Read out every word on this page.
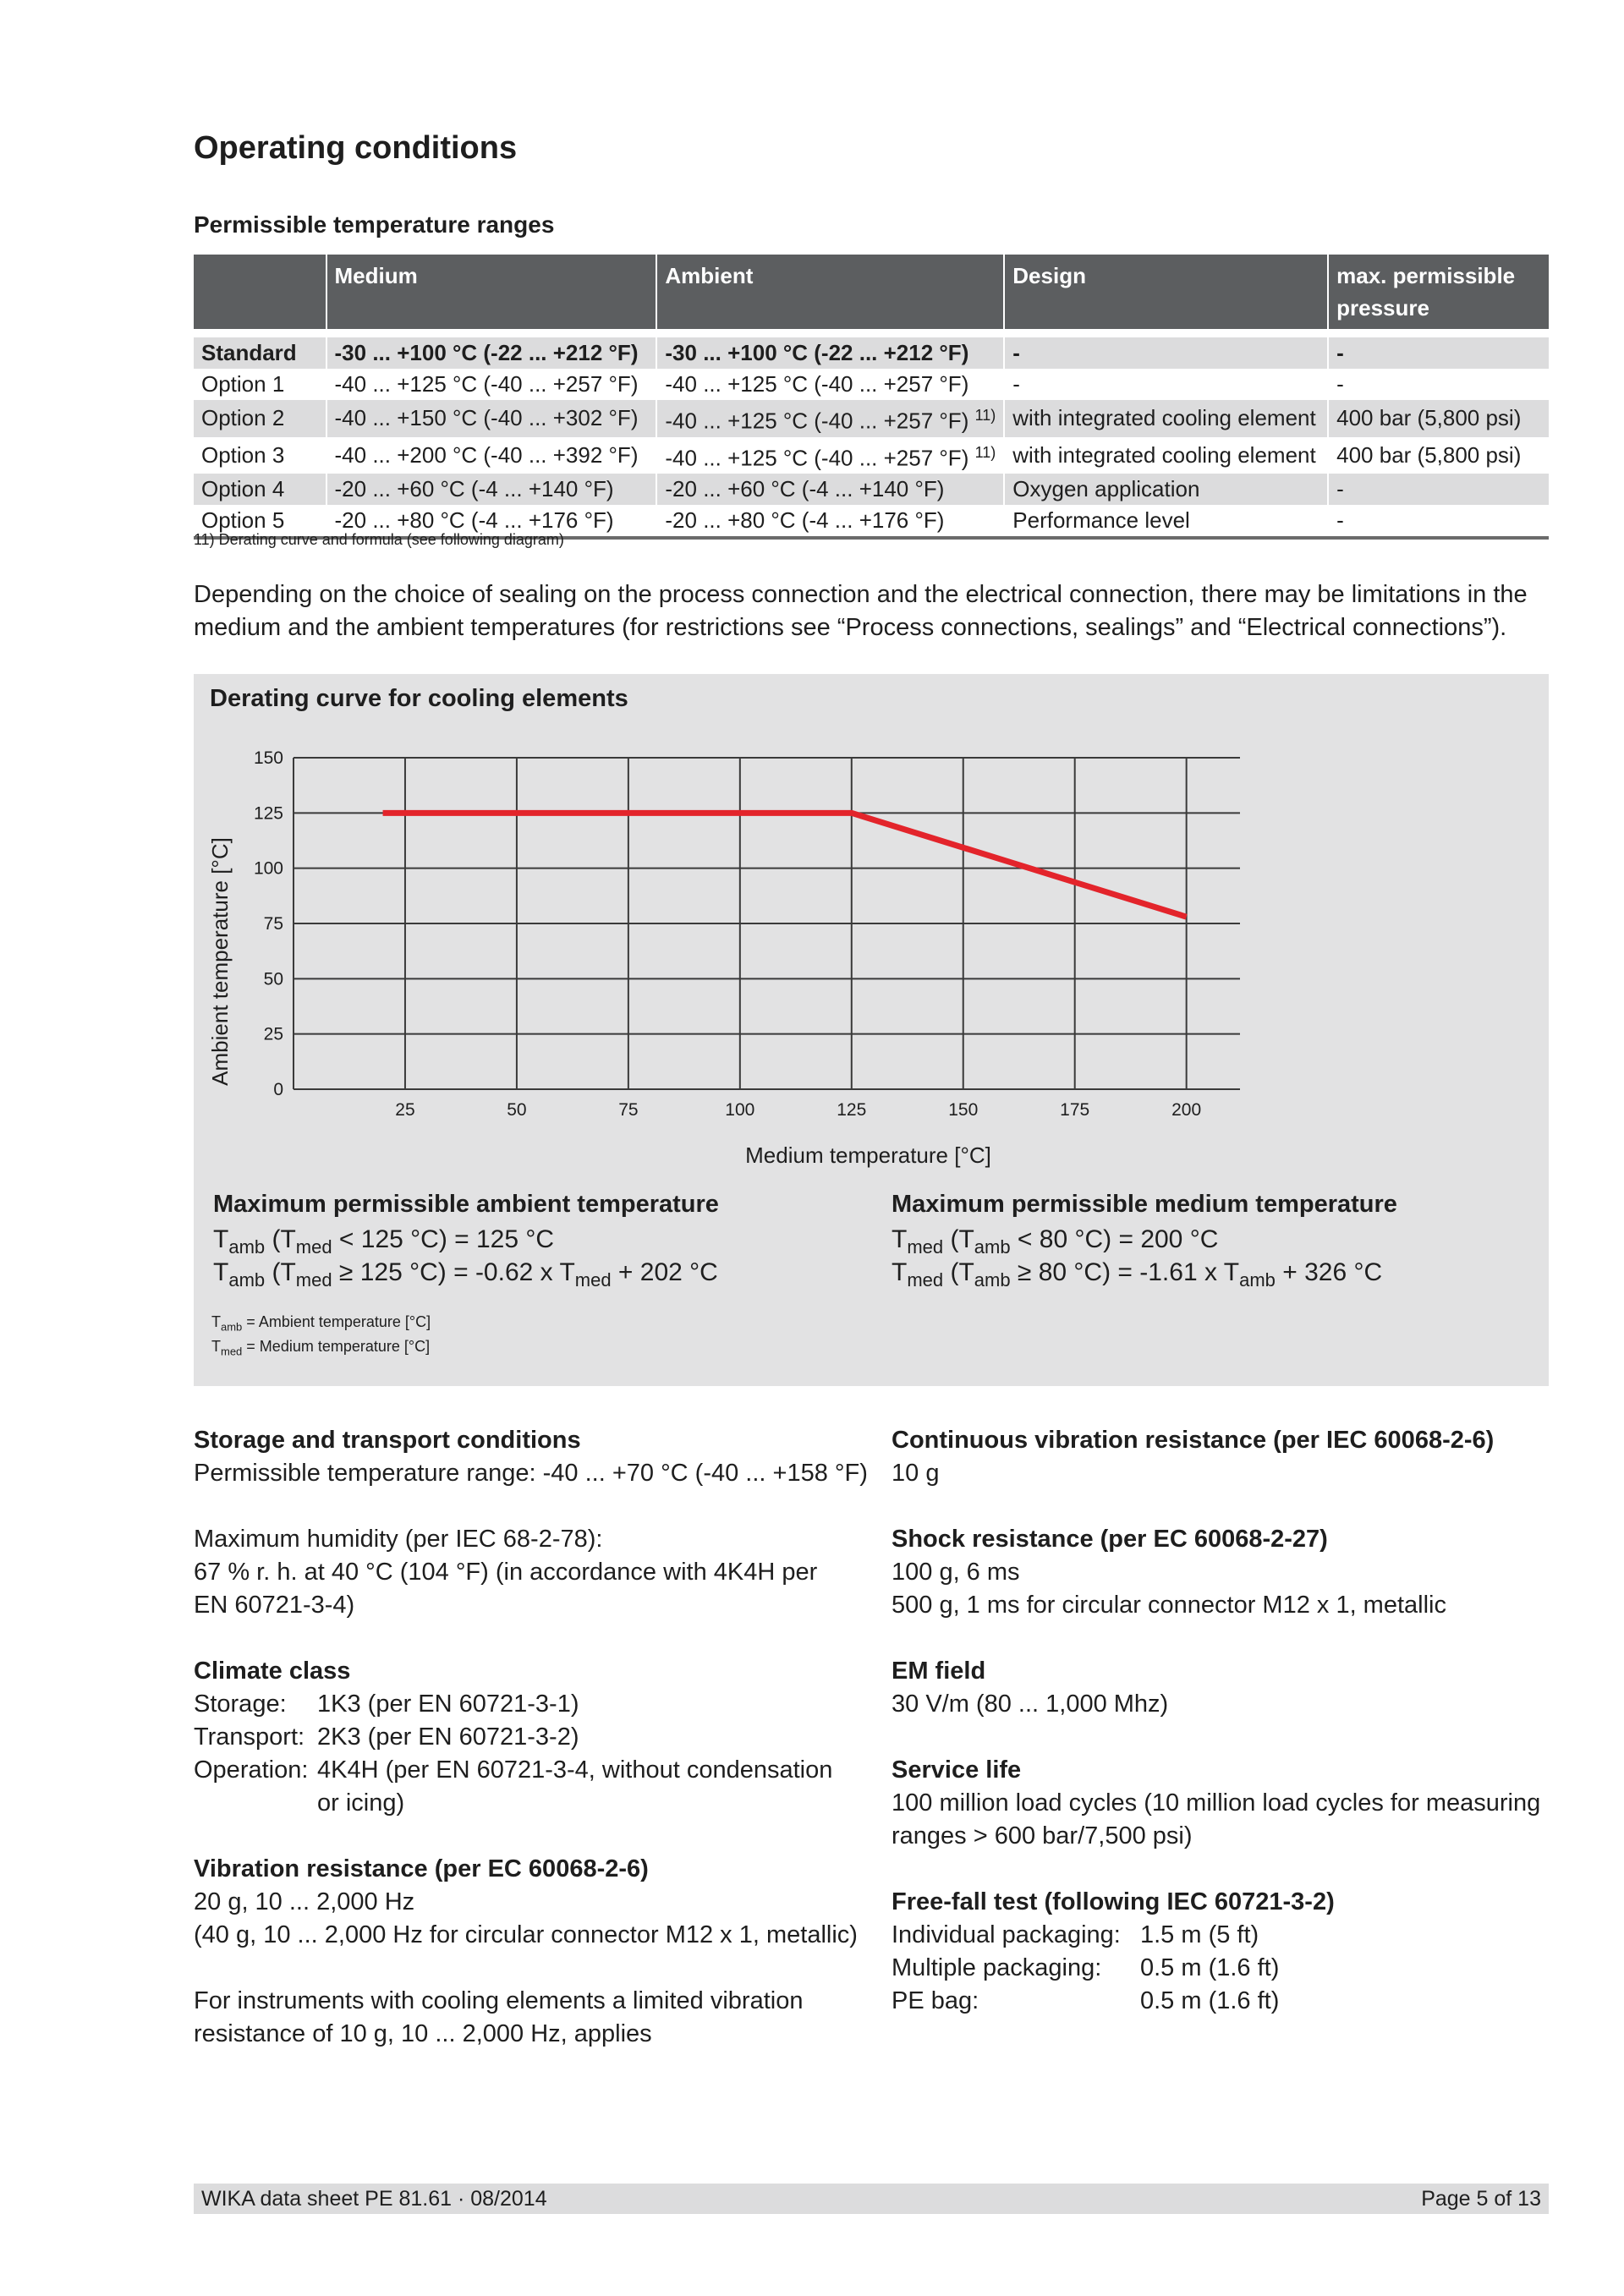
Operating conditions
Permissible temperature ranges
	Medium	Ambient	Design	max. permissible pressure

Standard	-30 ... +100 °C (-22 ... +212 °F)	-30 ... +100 °C (-22 ... +212 °F)	-	-
Option 1	-40 ... +125 °C (-40 ... +257 °F)	-40 ... +125 °C (-40 ... +257 °F)	-	-
Option 2	-40 ... +150 °C (-40 ... +302 °F)	-40 ... +125 °C (-40 ... +257 °F) $^{11)}$	with integrated cooling element	400 bar (5,800 psi)
Option 3	-40 ... +200 °C (-40 ... +392 °F)	-40 ... +125 °C (-40 ... +257 °F) $^{11)}$	with integrated cooling element	400 bar (5,800 psi)
Option 4	-20 ... +60 °C (-4 ... +140 °F)	-20 ... +60 °C (-4 ... +140 °F)	Oxygen application	-
Option 5	-20 ... +80 °C (-4 ... +176 °F)	-20 ... +80 °C (-4 ... +176 °F)	Performance level	-
11) Derating curve and formula (see following diagram)
Depending on the choice of sealing on the process connection and the electrical connection, there may be limitations in the medium and the ambient temperatures (for restrictions see “Process connections, sealings” and “Electrical connections”).
Derating curve for cooling elements
0
25
50
75
100
125
150
25	50	75	100	125	150	175	200
Medium temperature [°C]
Ambient temperature [°C]
Maximum permissible ambient temperature
$T_{amb}$ ($T_{med} < 125$ °C) = 125 °C
$T_{amb}$ ($T_{med} \ge 125$ °C) = -0.62 x $T_{med} + 202$ °C
Maximum permissible medium temperature
$T_{med}$ ($T_{amb} < 80$ °C) = 200 °C
$T_{med}$ ($T_{amb} \ge 80$ °C) = -1.61 x $T_{amb} + 326$ °C
$T_{amb}$ = Ambient temperature [°C]
$T_{med}$ = Medium temperature [°C]
Storage and transport conditions
Permissible temperature range: -40 ... +70 °C (-40 ... +158 °F)
Maximum humidity (per IEC 68-2-78):
67 % r. h. at 40 °C (104 °F) (in accordance with 4K4H per
EN 60721-3-4)
Climate class
Storage:	1K3 (per EN 60721-3-1)
Transport: 2K3 (per EN 60721-3-2)
Operation: 4K4H (per EN 60721-3-4, without condensation or icing)
Vibration resistance (per EC 60068-2-6)
20 g, 10 ... 2,000 Hz
(40 g, 10 ... 2,000 Hz for circular connector M12 x 1, metallic)
For instruments with cooling elements a limited vibration
resistance of 10 g, 10 ... 2,000 Hz, applies
Continuous vibration resistance (per IEC 60068-2-6)
10 g
Shock resistance (per EC 60068-2-27)
100 g, 6 ms
500 g, 1 ms for circular connector M12 x 1, metallic
EM field
30 V/m (80 ... 1,000 Mhz)
Service life
100 million load cycles (10 million load cycles for measuring
ranges > 600 bar/7,500 psi)
Free-fall test (following IEC 60721-3-2)
Individual packaging: 1.5 m (5 ft)
Multiple packaging:	0.5 m (1.6 ft)
PE bag:	0.5 m (1.6 ft)
WIKA data sheet PE 81.61 · 08/2014	Page 5 of 13
